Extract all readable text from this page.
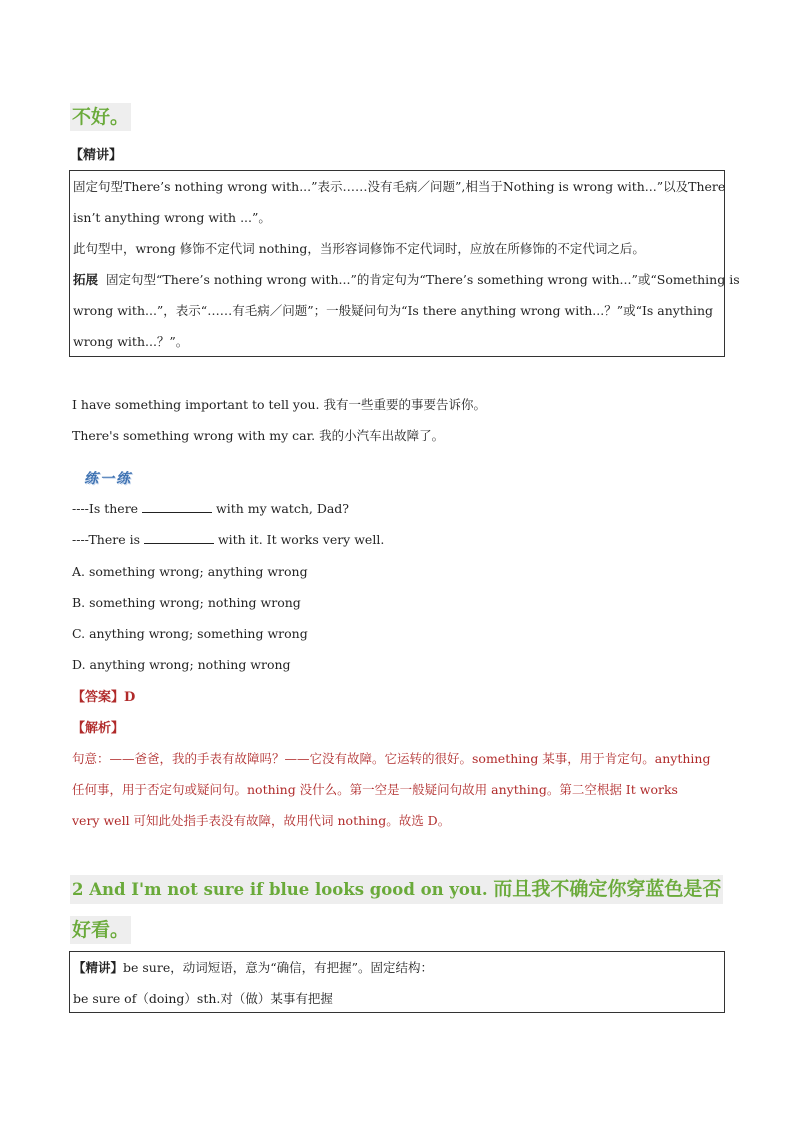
不好。
【精讲】
固定句型There’s nothing wrong with...”表示……没有毛病／问题”,相当于Nothing is wrong with...”以及There
isn’t anything wrong with ...”。
此句型中，wrong 修饰不定代词 nothing，当形容词修饰不定代词时，应放在所修饰的不定代词之后。
拓展 固定句型“There’s nothing wrong with...”的肯定句为“There’s something wrong with...”或“Something is
wrong with...”，表示“……有毛病／问题”；一般疑问句为“Is there anything wrong with...？”或“Is anything
wrong with...？”。
I have something important to tell you. 我有一些重要的事要告诉你。
There's something wrong with my car. 我的小汽车出故障了。
练一练
----Is there	with my watch, Dad?
----There is	with it. It works very well.
A. something wrong; anything wrong
B. something wrong; nothing wrong
C. anything wrong; something wrong
D. anything wrong; nothing wrong
【答案】D
【解析】
句意：——爸爸，我的手表有故障吗？——它没有故障。它运转的很好。something 某事，用于肯定句。anything
任何事，用于否定句或疑问句。nothing 没什么。第一空是一般疑问句故用 anything。第二空根据 It works
very well 可知此处指手表没有故障，故用代词 nothing。故选 D。
2 And I'm not sure if blue looks good on you. 而且我不确定你穿蓝色是否
好看。
【精讲】be sure，动词短语，意为“确信，有把握”。固定结构：
be sure of（doing）sth.对（做）某事有把握
